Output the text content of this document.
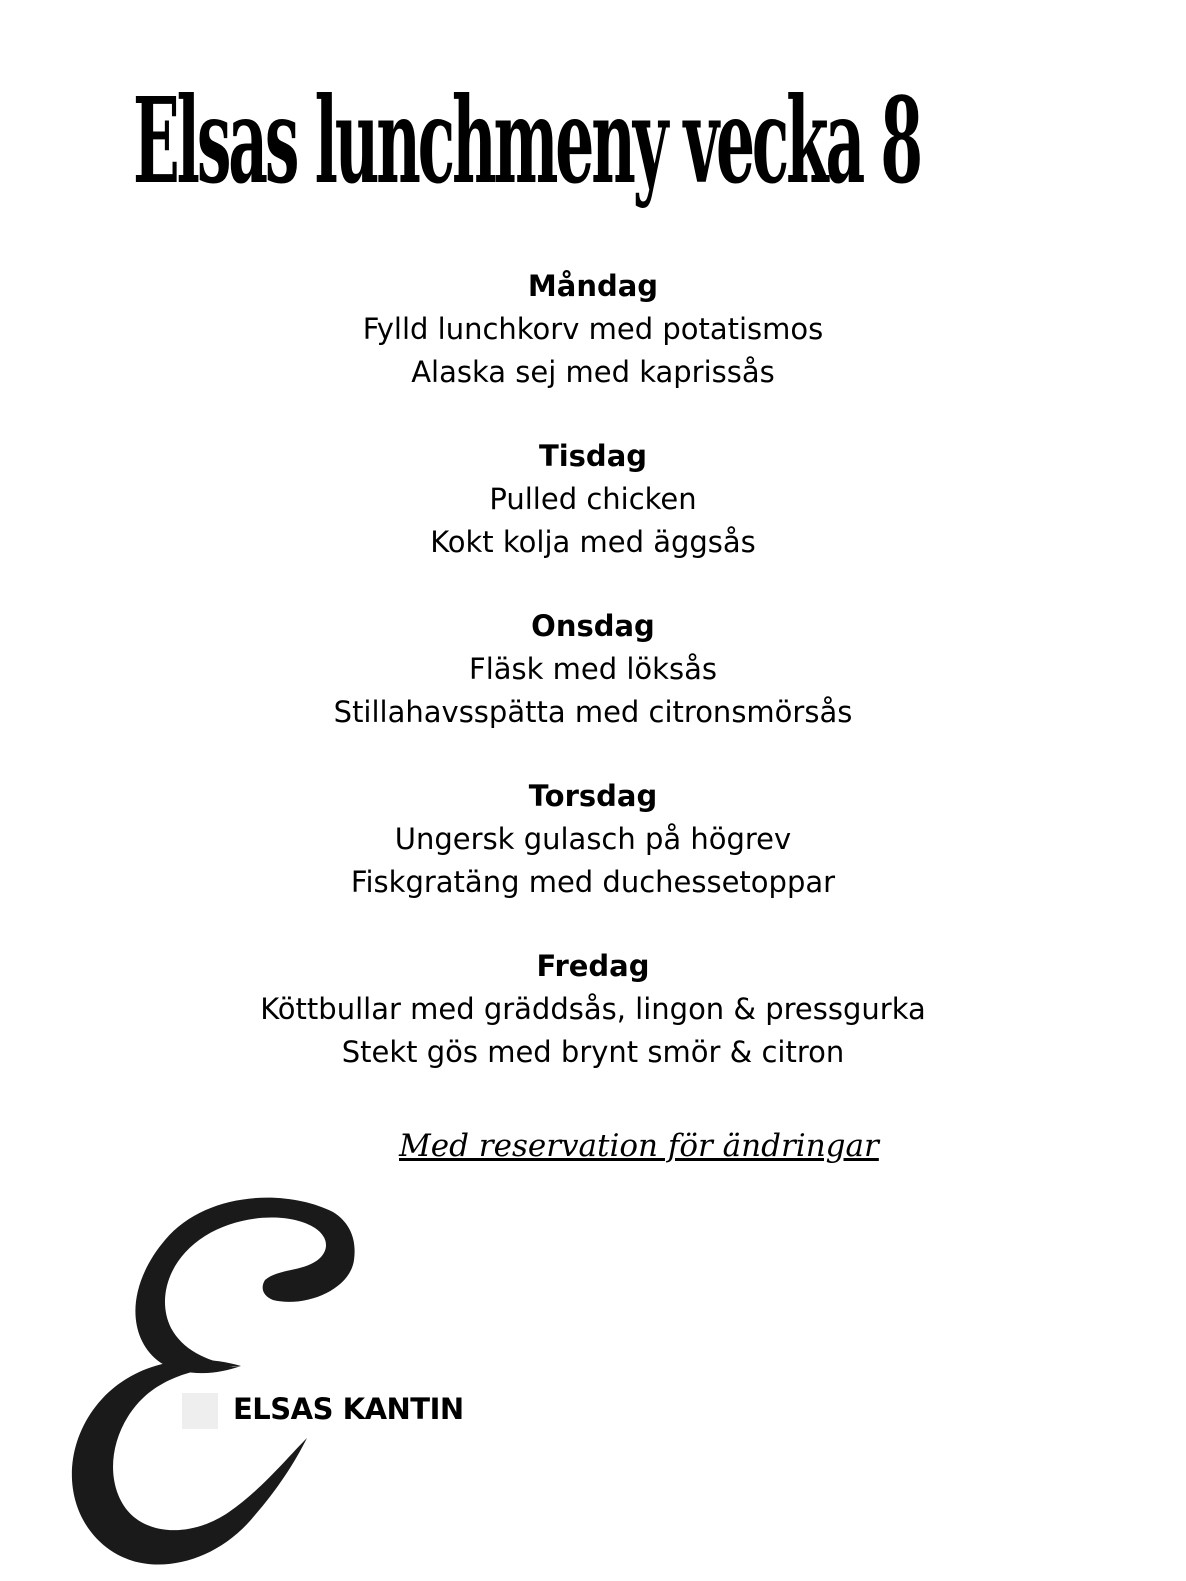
Elsas lunchmeny vecka 8
Måndag
Fylld lunchkorv med potatismos
Alaska sej med kaprissås
Tisdag
Pulled chicken
Kokt kolja med äggsås
Onsdag
Fläsk med löksås
Stillahavsspätta med citronsmörsås
Torsdag
Ungersk gulasch på högrev
Fiskgratäng med duchessetoppar
Fredag
Köttbullar med gräddsås, lingon & pressgurka
Stekt gös med brynt smör & citron
Med reservation för ändringar
ELSAS KANTIN
